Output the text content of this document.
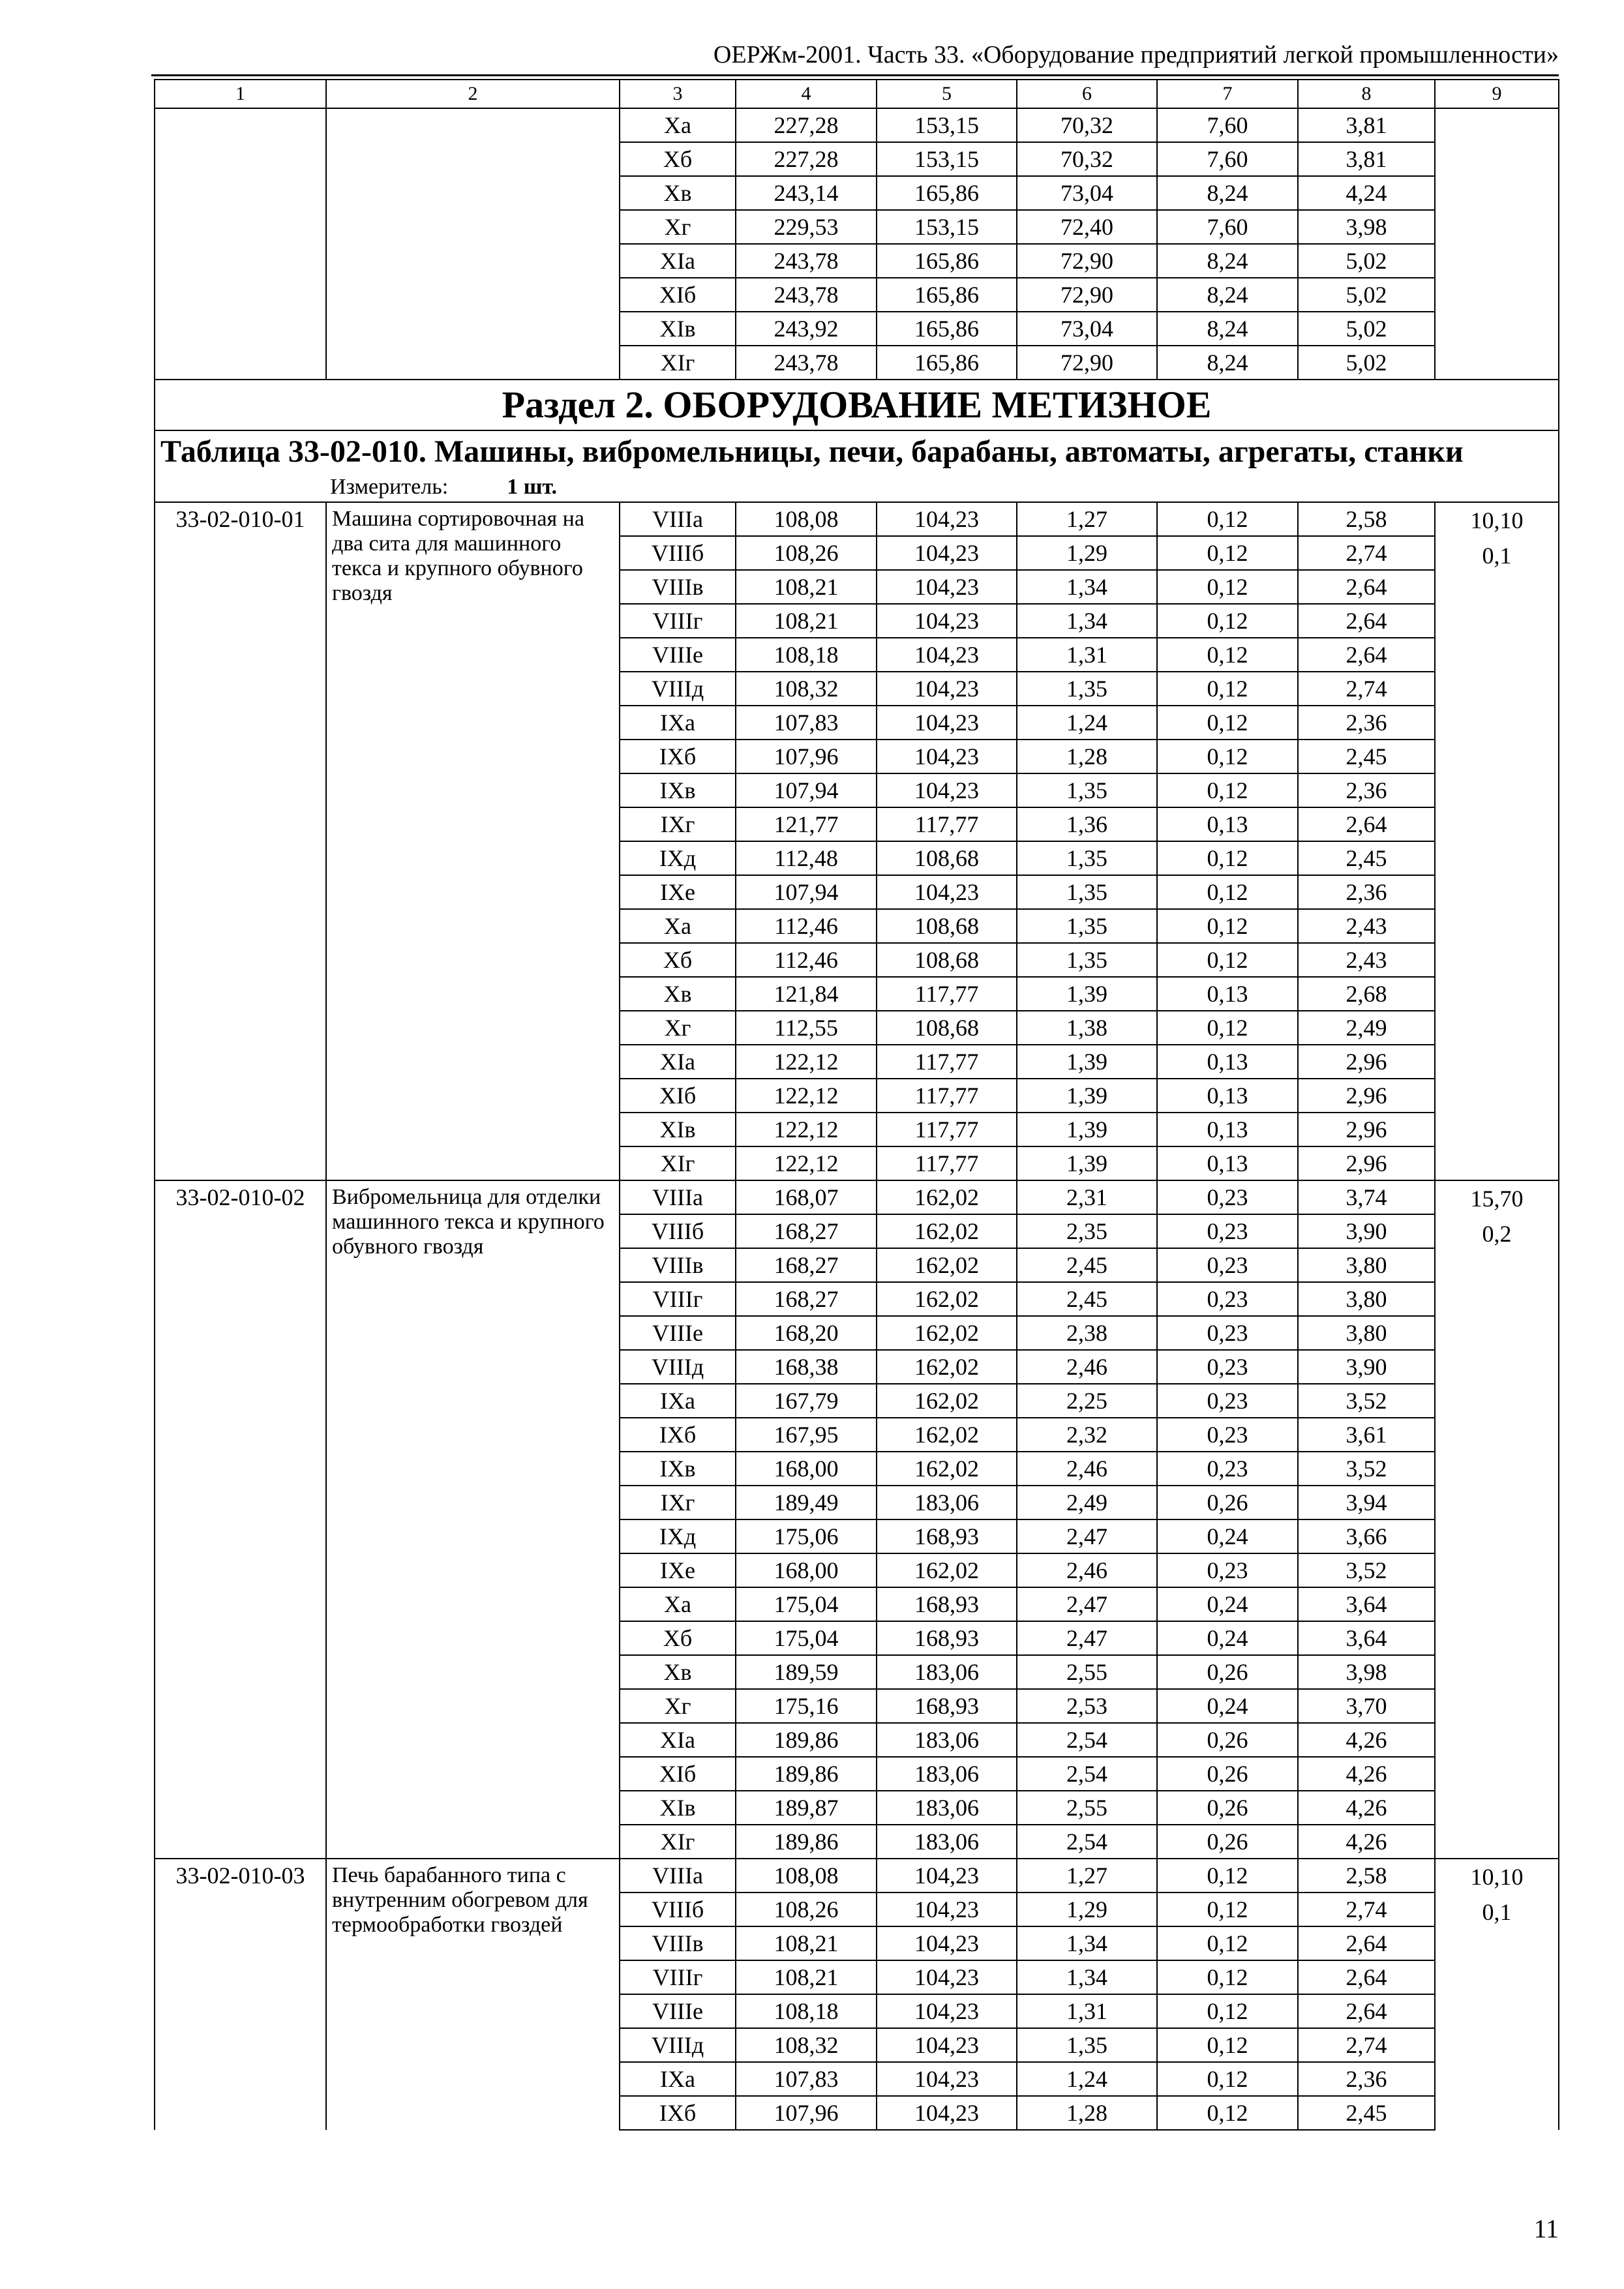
ОЕРЖм-2001. Часть 33. «Оборудование предприятий легкой промышленности»
1	2	3	4	5	6	7	8	9
		Xa	227,28	153,15	70,32	7,60	3,81	
		Xб	227,28	153,15	70,32	7,60	3,81	
		Xв	243,14	165,86	73,04	8,24	4,24	
		Xг	229,53	153,15	72,40	7,60	3,98	
		XIa	243,78	165,86	72,90	8,24	5,02	
		XIб	243,78	165,86	72,90	8,24	5,02	
		XIв	243,92	165,86	73,04	8,24	5,02	
		XIг	243,78	165,86	72,90	8,24	5,02	
Раздел 2. ОБОРУДОВАНИЕ МЕТИЗНОЕ								
Таблица 33-02-010. Машины, вибромельницы, печи, барабаны, автоматы, агрегаты, станки								
Измеритель: 1 шт.								
33-02-010-01	Машина сортировочная на два сита для машинного текса и крупного обувного гвоздя	VIIIa	108,08	104,23	1,27	0,12	2,58	10,10
0,1

		VIIIб	108,26	104,23	1,29	0,12	2,74	
		VIIIв	108,21	104,23	1,34	0,12	2,64	
		VIIIг	108,21	104,23	1,34	0,12	2,64	
		VIIIe	108,18	104,23	1,31	0,12	2,64	
		VIIIд	108,32	104,23	1,35	0,12	2,74	
		IXa	107,83	104,23	1,24	0,12	2,36	
		IXб	107,96	104,23	1,28	0,12	2,45	
		IXв	107,94	104,23	1,35	0,12	2,36	
		IXг	121,77	117,77	1,36	0,13	2,64	
		IXд	112,48	108,68	1,35	0,12	2,45	
		IXe	107,94	104,23	1,35	0,12	2,36	
		Xa	112,46	108,68	1,35	0,12	2,43	
		Xб	112,46	108,68	1,35	0,12	2,43	
		Xв	121,84	117,77	1,39	0,13	2,68	
		Xг	112,55	108,68	1,38	0,12	2,49	
		XIa	122,12	117,77	1,39	0,13	2,96	
		XIб	122,12	117,77	1,39	0,13	2,96	
		XIв	122,12	117,77	1,39	0,13	2,96	
		XIг	122,12	117,77	1,39	0,13	2,96	
33-02-010-02	Вибромельница для отделки машинного текса и крупного обувного гвоздя	VIIIa	168,07	162,02	2,31	0,23	3,74	15,70
0,2

		VIIIб	168,27	162,02	2,35	0,23	3,90	
		VIIIв	168,27	162,02	2,45	0,23	3,80	
		VIIIг	168,27	162,02	2,45	0,23	3,80	
		VIIIe	168,20	162,02	2,38	0,23	3,80	
		VIIIд	168,38	162,02	2,46	0,23	3,90	
		IXa	167,79	162,02	2,25	0,23	3,52	
		IXб	167,95	162,02	2,32	0,23	3,61	
		IXв	168,00	162,02	2,46	0,23	3,52	
		IXг	189,49	183,06	2,49	0,26	3,94	
		IXд	175,06	168,93	2,47	0,24	3,66	
		IXe	168,00	162,02	2,46	0,23	3,52	
		Xa	175,04	168,93	2,47	0,24	3,64	
		Xб	175,04	168,93	2,47	0,24	3,64	
		Xв	189,59	183,06	2,55	0,26	3,98	
		Xг	175,16	168,93	2,53	0,24	3,70	
		XIa	189,86	183,06	2,54	0,26	4,26	
		XIб	189,86	183,06	2,54	0,26	4,26	
		XIв	189,87	183,06	2,55	0,26	4,26	
		XIг	189,86	183,06	2,54	0,26	4,26	
33-02-010-03	Печь барабанного типа с внутренним обогревом для термообработки гвоздей	VIIIa	108,08	104,23	1,27	0,12	2,58	10,10
0,1

		VIIIб	108,26	104,23	1,29	0,12	2,74	
		VIIIв	108,21	104,23	1,34	0,12	2,64	
		VIIIг	108,21	104,23	1,34	0,12	2,64	
		VIIIe	108,18	104,23	1,31	0,12	2,64	
		VIIIд	108,32	104,23	1,35	0,12	2,74	
		IXa	107,83	104,23	1,24	0,12	2,36	
		IXб	107,96	104,23	1,28	0,12	2,45	
11
